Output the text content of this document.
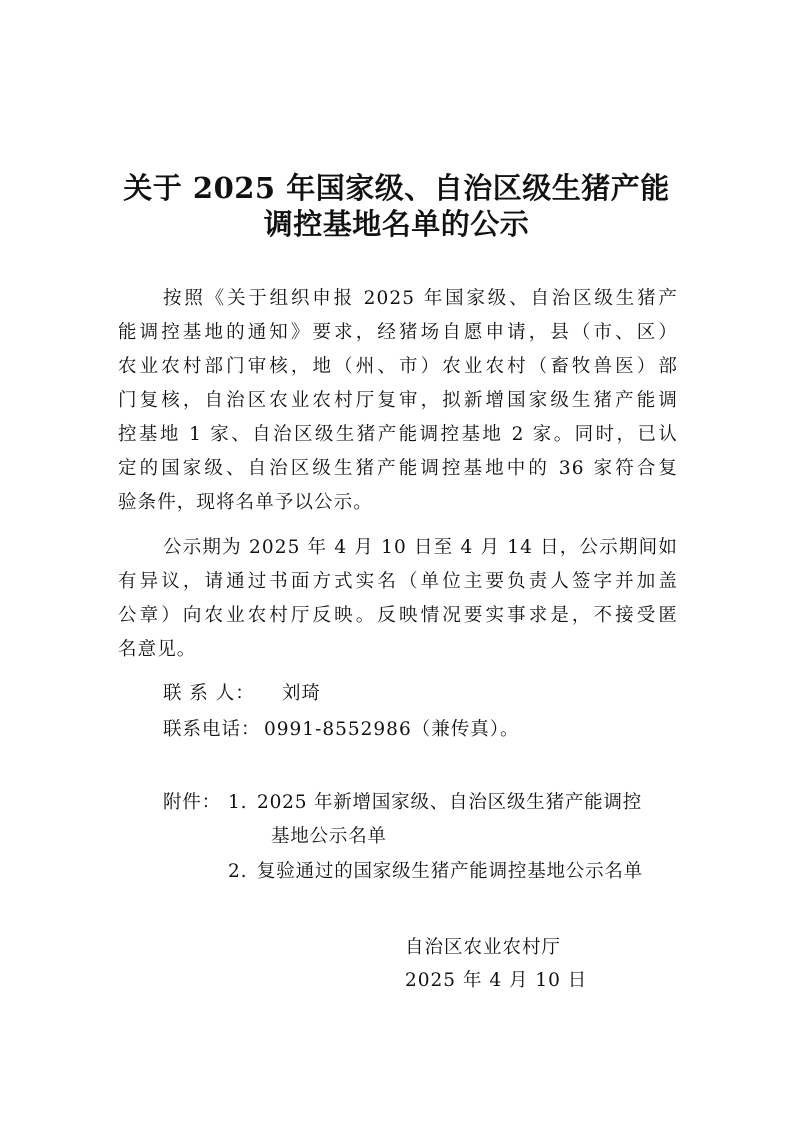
关于 2025 年国家级、自治区级生猪产能
调控基地名单的公示
按照《关于组织申报 2025 年国家级、自治区级生猪产
能调控基地的通知》要求，经猪场自愿申请，县（市、区）
农业农村部门审核，地（州、市）农业农村（畜牧兽医）部
门复核，自治区农业农村厅复审，拟新增国家级生猪产能调
控基地 1 家、自治区级生猪产能调控基地 2 家。同时，已认
定的国家级、自治区级生猪产能调控基地中的 36 家符合复
验条件，现将名单予以公示。
公示期为 2025 年 4 月 10 日至 4 月 14 日，公示期间如
有异议，请通过书面方式实名（单位主要负责人签字并加盖
公章）向农业农村厅反映。反映情况要实事求是，不接受匿
名意见。
联 系 人： 刘琦
联系电话： 0991-8552986（兼传真）。
附件： 1. 2025 年新增国家级、自治区级生猪产能调控
基地公示名单
2. 复验通过的国家级生猪产能调控基地公示名单
自治区农业农村厅
2025 年 4 月 10 日
